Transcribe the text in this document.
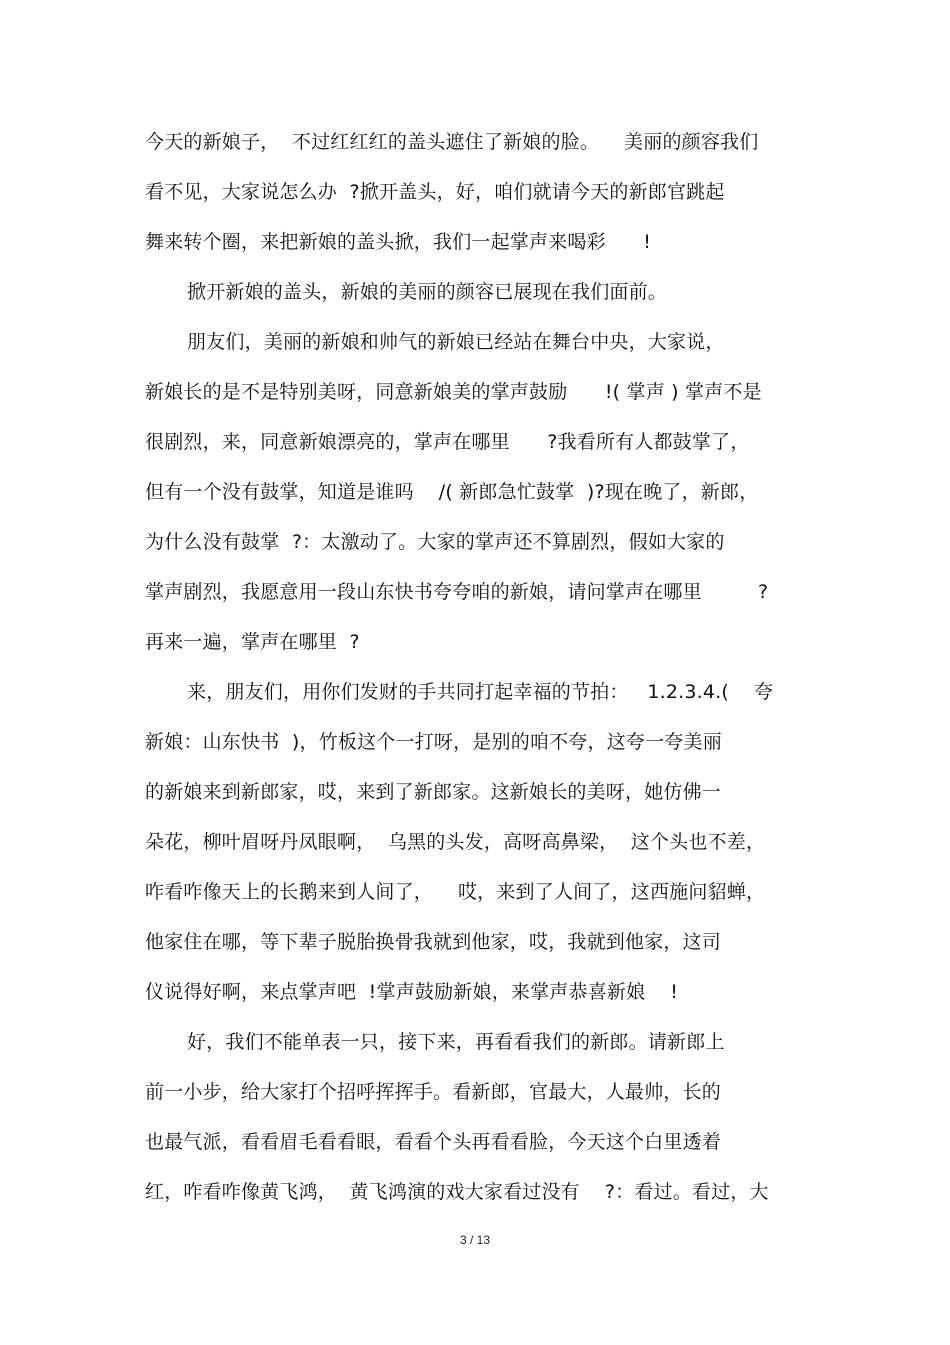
今天的新娘子，  不过红红红的盖头遮住了新娘的脸。    美丽的颜容我们
看不见，大家说怎么办  ?掀开盖头，好，咱们就请今天的新郎官跳起
舞来转个圈，来把新娘的盖头掀，我们一起掌声来喝彩      !
掀开新娘的盖头，新娘的美丽的颜容已展现在我们面前。
朋友们，美丽的新娘和帅气的新娘已经站在舞台中央，大家说，
新娘长的是不是特别美呀，同意新娘美的掌声鼓励      !( 掌声 ) 掌声不是
很剧烈，来，同意新娘漂亮的，掌声在哪里      ?我看所有人都鼓掌了，
但有一个没有鼓掌，知道是谁吗    /( 新郎急忙鼓掌  )?现在晚了，新郎，
为什么没有鼓掌  ?：太激动了。大家的掌声还不算剧烈，假如大家的
掌声剧烈，我愿意用一段山东快书夸夸咱的新娘，请问掌声在哪里         ?
再来一遍，掌声在哪里  ?
来，朋友们，用你们发财的手共同打起幸福的节拍：   1.2.3.4.(    夸
新娘：山东快书  )，竹板这个一打呀，是别的咱不夸，这夸一夸美丽
的新娘来到新郎家，哎，来到了新郎家。这新娘长的美呀，她仿佛一
朵花，柳叶眉呀丹凤眼啊，  乌黑的头发，高呀高鼻梁，  这个头也不差，
咋看咋像天上的长鹅来到人间了，    哎，来到了人间了，这西施问貂蝉，
他家住在哪，等下辈子脱胎换骨我就到他家，哎，我就到他家，这司
仪说得好啊，来点掌声吧  !掌声鼓励新娘，来掌声恭喜新娘    !
好，我们不能单表一只，接下来，再看看我们的新郎。请新郎上
前一小步，给大家打个招呼挥挥手。看新郎，官最大，人最帅，长的
也最气派，看看眉毛看看眼，看看个头再看看脸，今天这个白里透着
红，咋看咋像黄飞鸿，  黄飞鸿演的戏大家看过没有    ?：看过。看过，大
3 / 13
